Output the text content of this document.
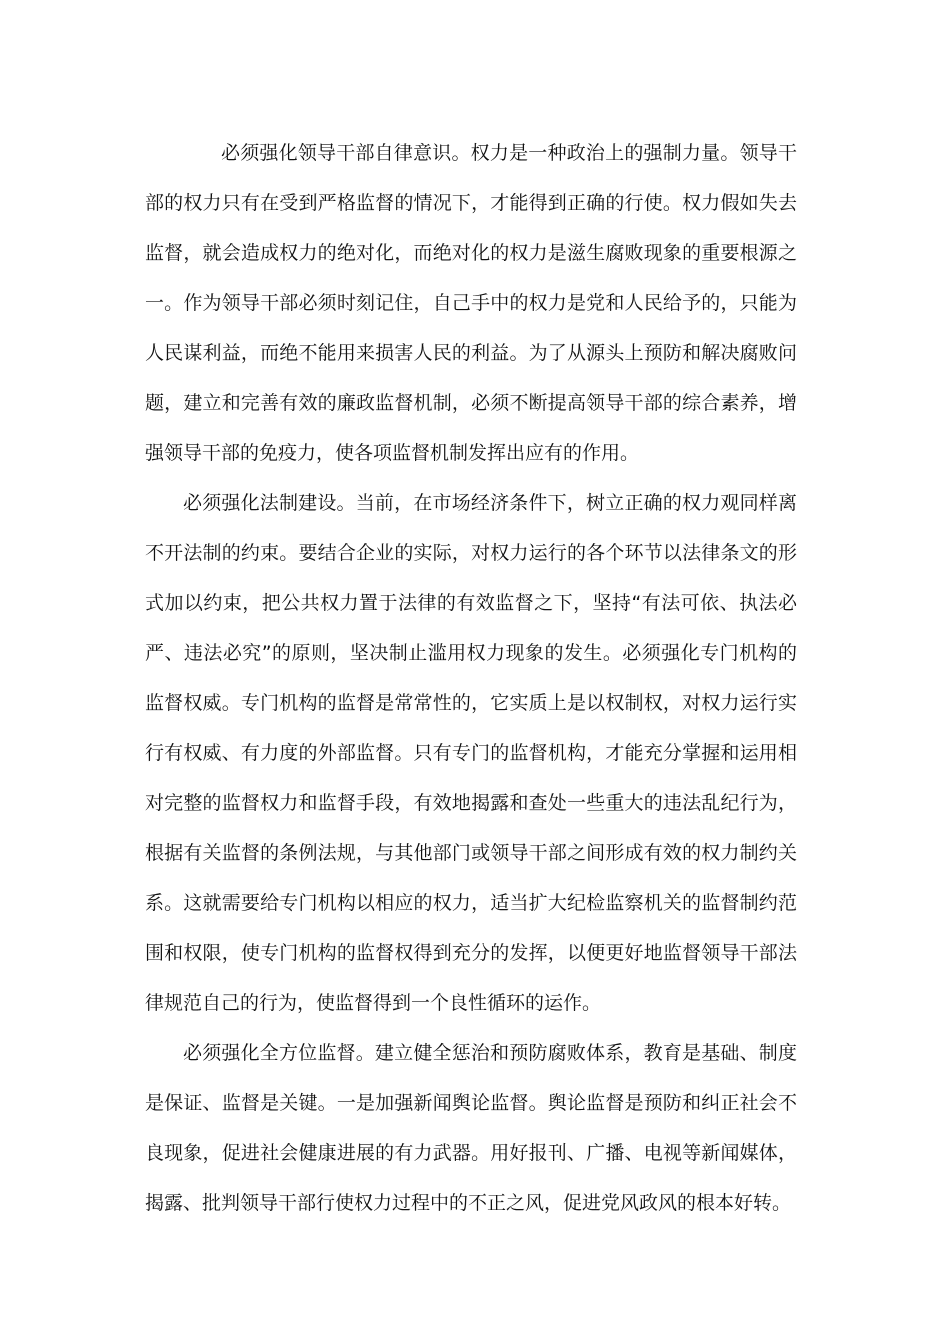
必须强化领导干部自律意识。权力是一种政治上的强制力量。领导干部的权力只有在受到严格监督的情况下，才能得到正确的行使。权力假如失去监督，就会造成权力的绝对化，而绝对化的权力是滋生腐败现象的重要根源之一。作为领导干部必须时刻记住，自己手中的权力是党和人民给予的，只能为人民谋利益，而绝不能用来损害人民的利益。为了从源头上预防和解决腐败问题，建立和完善有效的廉政监督机制，必须不断提高领导干部的综合素养，增强领导干部的免疫力，使各项监督机制发挥出应有的作用。

必须强化法制建设。当前，在市场经济条件下，树立正确的权力观同样离不开法制的约束。要结合企业的实际，对权力运行的各个环节以法律条文的形式加以约束，把公共权力置于法律的有效监督之下，坚持“有法可依、执法必严、违法必究”的原则，坚决制止滥用权力现象的发生。必须强化专门机构的监督权威。专门机构的监督是常常性的，它实质上是以权制权，对权力运行实行有权威、有力度的外部监督。只有专门的监督机构，才能充分掌握和运用相对完整的监督权力和监督手段，有效地揭露和查处一些重大的违法乱纪行为，根据有关监督的条例法规，与其他部门或领导干部之间形成有效的权力制约关系。这就需要给专门机构以相应的权力，适当扩大纪检监察机关的监督制约范围和权限，使专门机构的监督权得到充分的发挥，以便更好地监督领导干部法律规范自己的行为，使监督得到一个良性循环的运作。

必须强化全方位监督。建立健全惩治和预防腐败体系，教育是基础、制度是保证、监督是关键。一是加强新闻舆论监督。舆论监督是预防和纠正社会不良现象，促进社会健康进展的有力武器。用好报刊、广播、电视等新闻媒体，揭露、批判领导干部行使权力过程中的不正之风，促进党风政风的根本好转。
